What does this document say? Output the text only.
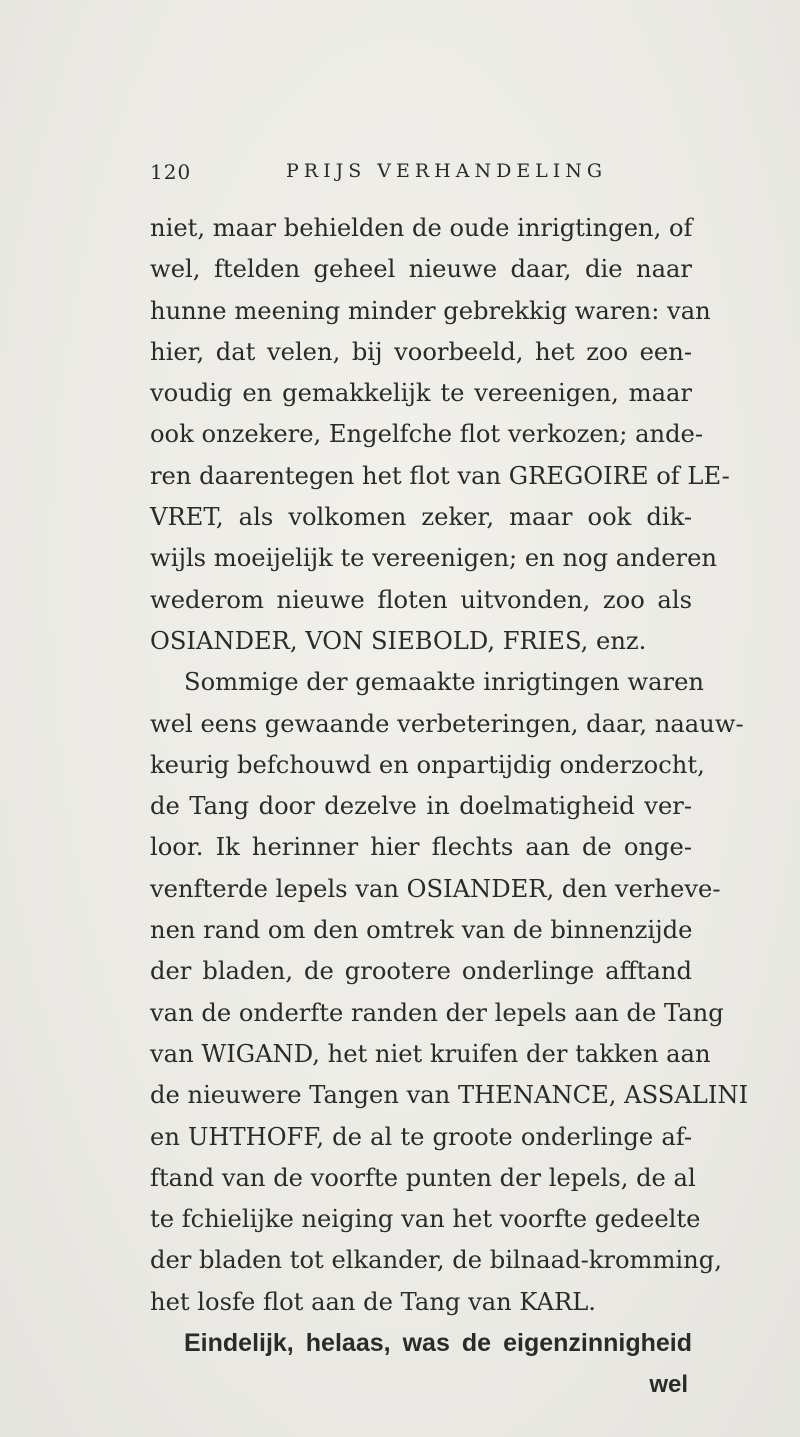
120	PRIJS VERHANDELING
niet, maar behielden de oude inrigtingen, of
wel, ftelden geheel nieuwe daar, die naar
hunne meening minder gebrekkig waren: van
hier, dat velen, bij voorbeeld, het zoo een-
voudig en gemakkelijk te vereenigen, maar
ook onzekere, Engelfche flot verkozen; ande-
ren daarentegen het flot van GREGOIRE of LE-
VRET, als volkomen zeker, maar ook dik-
wijls moeijelijk te vereenigen; en nog anderen
wederom nieuwe floten uitvonden, zoo als
OSIANDER, VON SIEBOLD, FRIES, enz.
Sommige der gemaakte inrigtingen waren
wel eens gewaande verbeteringen, daar, naauw-
keurig befchouwd en onpartijdig onderzocht,
de Tang door dezelve in doelmatigheid ver-
loor. Ik herinner hier flechts aan de onge-
venfterde lepels van OSIANDER, den verheve-
nen rand om den omtrek van de binnenzijde
der bladen, de grootere onderlinge afftand
van de onderfte randen der lepels aan de Tang
van WIGAND, het niet kruifen der takken aan
de nieuwere Tangen van THENANCE, ASSALINI
en UHTHOFF, de al te groote onderlinge af-
ftand van de voorfte punten der lepels, de al
te fchielijke neiging van het voorfte gedeelte
der bladen tot elkander, de bilnaad-kromming,
het losfe flot aan de Tang van KARL.
Eindelijk, helaas, was de eigenzinnigheid
wel
